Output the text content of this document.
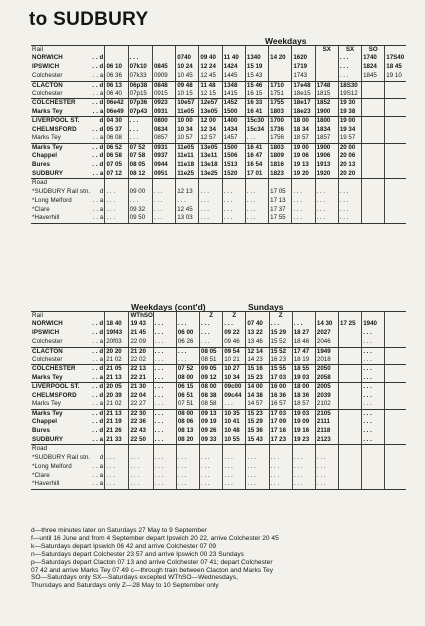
to SUDBURY
Weekdays
Rail										SX	SX	SO	
NORWICH . . d		. . .		0740	09 40	11 40	1340	14 20	1620		. . .	1740	17S40
IPSWICH . . d	06 10	07k10	0845	10 24	12 24	1424	15 19		1719		. . .	1824	18 45
Colchester . . a	06 36	07k33	0909	10 45	12 45	1445	15 43		1743		. . .	1845	19 10
CLACTON . . d	06 13	06p38	0848	09 48	11 48	1348	15 46	1710	17e48	1748	18S30		
Colchester . . a	06 40	07p15	0915	10 15	12 15	1415	16 15	1751	18e15	1815	19S12		
COLCHESTER . . d	06e42	07p36	0923	10e57	12e57	1452	16 33	1755	18e17	1852	19 30		
Marks Tey . . a	06e49	07p43	0931	11e05	13e05	1500	16 41	1803	18e23	1900	19 38		
LIVERPOOL ST. d	04 30	. . .	0800	10 00	12 00	1400	15c30	1700	18 00	1800	19 00		
CHELMSFORD . . d	05 37	. . .	0834	10 34	12 34	1434	15c34	1736	18 34	1834	19 34		
Marks Tey . . a	06 08	. . .	0857	10 57	12 57	1457	. . .	1756	18 57	1857	19 57		
Marks Tey . . d	06 52	07 52	0931	11e05	13e05	1500	16 41	1803	19 00	1900	20 00		
Chappel . . d	06 58	07 58	0937	11e11	13e11	1506	16 47	1809	19 06	1906	20 06		
Bures . . d	07 05	08 05	0944	11e18	13e18	1513	16 54	1816	19 13	1913	20 13		
SUDBURY . . a	07 12	08 12	0951	11e25	13e25	1520	17 01	1823	19 20	1920	20 20		
Road

*SUDBURY Rail stn. d	. . .	09 00	. . .	12 13	. . .	. . .	. . .	17 05	. . .	. . .	. . .		
*Long Melford . . a	. . .	. . .	. . .	. . .	. . .	. . .	. . .	17 13	. . .	. . .	. . .		
*Clare . . a	. . .	09 32	. . .	12 45	. . .	. . .	. . .	17 37	. . .	. . .	. . .		
*Haverhill . . a	. . .	09 50	. . .	13 03	. . .	. . .	. . .	17 55	. . .	. . .	. . .		
Weekdays (cont'd)	Sundays
Rail		WThSO			Z	Z		Z					
NORWICH . . d	18 40	19 43	. . .	. . .	. . .	. . .	07 40	. . .	. . .	14 30	17 25	1940	
IPSWICH . . d	19f43	21 45	. . .	06 00	. . .	09 22	13 22	15 29	18 27	2027		. . .	
Colchester . . a	20f03	22 09	. . .	06 26	. . .	09 46	13 46	15 52	18 46	2046		. . .	
CLACTON . . d	20 20	21 20	. . .	. . .	08 05	09 54	12 14	15 52	17 47	1949		. . .	
Colchester . . a	21 02	22 02	. . .	. . .	08 51	10 21	14 23	16 23	18 19	2018		. . .	
COLCHESTER . . d	21 05	22 13	. . .	07 52	09 05	10 27	15 16	15 55	18 55	2050		. . .	
Marks Tey . . a	21 13	22 21	. . .	08 00	09 12	10 34	15 23	17 03	19 03	2058		. . .	
LIVERPOOL ST. . . d	20 05	21 30	. . .	06 15	08 00	09c00	14 00	16 00	18 00	2005		. . .	
CHELMSFORD . . d	20 39	22 04	. . .	06 51	08 38	09c44	14 38	16 36	18 36	2039		. . .	
Marks Tey . . a	21 02	22 27	. . .	07 51	08 58	. . .	14 57	16 57	18 57	2102		. . .	
Marks Tey . . d	21 13	22 30	. . .	08 00	09 13	10 35	15 23	17 03	19 03	2105		. . .	
Chappel . . d	21 19	22 36	. . .	08 06	09 19	10 41	15 29	17 09	19 09	2111		. . .	
Bures . . d	21 26	22 43	. . .	08 13	09 26	10 48	15 36	17 16	19 16	2118		. . .	
SUDBURY . . a	21 33	22 50	. . .	08 20	09 33	10 55	15 43	17 23	19 23	2123		. . .	
Road

*SUDBURY Rail stn. d	. . .	. . .	. . .	. . .	. . .	. . .	. . .	. . .	. . .	. . .			
*Long Melford . . a	. . .	. . .	. . .	. . .	. . .	. . .	. . .	. . .	. . .	. . .			
*Clare . . a	. . .	. . .	. . .	. . .	. . .	. . .	. . .	. . .	. . .	. . .			
*Haverhill . . a	. . .	. . .	. . .	. . .	. . .	. . .	. . .	. . .	. . .	. . .			
d—three minutes later on Saturdays 27 May to 9 September
f—until 16 June and from 4 September depart Ipswich 20 22, arrive Colchester 20 45
k—Saturdays depart Ipswich 06 42 and arrive Colchester 07 09
n—Saturdays depart Colchester 23 57 and arrive Ipswich 00 23 Sundays
p—Saturdays depart Clacton 07 13 and arrive Colchester 07 41; depart Colchester
07 42 and arrive Marks Tey 07 49 c—through train between Clacton and Marks Tey
SO—Saturdays only SX—Saturdays excepted WThSO—Wednesdays,
Thursdays and Saturdays only Z—28 May to 10 September only
